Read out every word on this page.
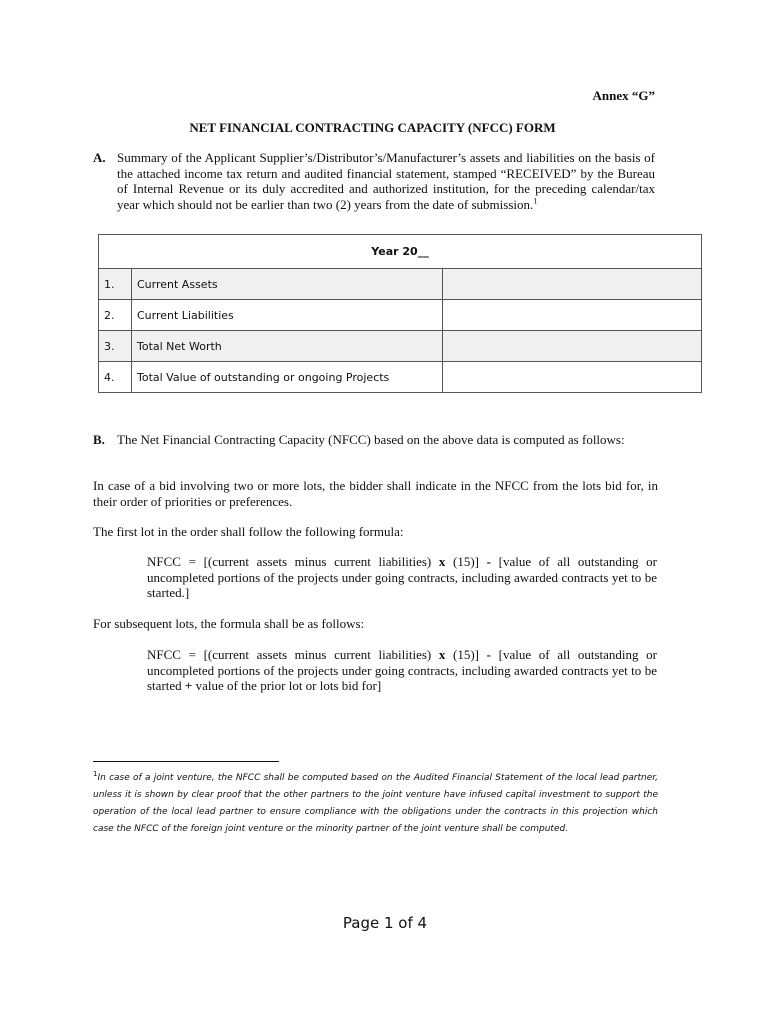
Annex “G”
NET FINANCIAL CONTRACTING CAPACITY (NFCC) FORM
A. Summary of the Applicant Supplier’s/Distributor’s/Manufacturer’s assets and liabilities on the basis of the attached income tax return and audited financial statement, stamped “RECEIVED” by the Bureau of Internal Revenue or its duly accredited and authorized institution, for the preceding calendar/tax year which should not be earlier than two (2) years from the date of submission.$^1$
Year 20__		
1.	Current Assets	
2.	Current Liabilities	
3.	Total Net Worth	
4.	Total Value of outstanding or ongoing Projects	
B. The Net Financial Contracting Capacity (NFCC) based on the above data is computed as follows:
In case of a bid involving two or more lots, the bidder shall indicate in the NFCC from the lots bid for, in their order of priorities or preferences.
The first lot in the order shall follow the following formula:
NFCC = [(current assets minus current liabilities) x (15)] - [value of all outstanding or uncompleted portions of the projects under going contracts, including awarded contracts yet to be started.]
For subsequent lots, the formula shall be as follows:
NFCC = [(current assets minus current liabilities) x (15)] - [value of all outstanding or uncompleted portions of the projects under going contracts, including awarded contracts yet to be started + value of the prior lot or lots bid for]
$^1$In case of a joint venture, the NFCC shall be computed based on the Audited Financial Statement of the local lead partner, unless it is shown by clear proof that the other partners to the joint venture have infused capital investment to support the operation of the local lead partner to ensure compliance with the obligations under the contracts in this projection which case the NFCC of the foreign joint venture or the minority partner of the joint venture shall be computed.
Page 1 of 4
